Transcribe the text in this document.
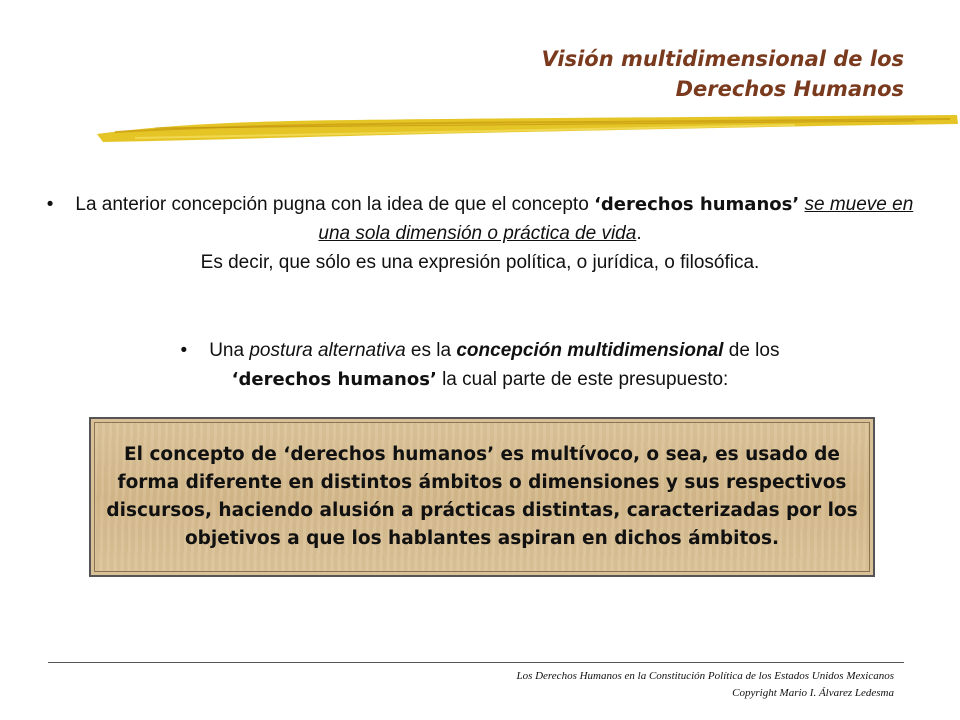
Visión multidimensional de los
Derechos Humanos
• La anterior concepción pugna con la idea de que el concepto ‘derechos humanos’ se mueve en una sola dimensión o práctica de vida.
Es decir, que sólo es una expresión política, o jurídica, o filosófica.
• Una postura alternativa es la concepción multidimensional de los
‘derechos humanos’ la cual parte de este presupuesto:
El concepto de ‘derechos humanos’ es multívoco, o sea, es usado de forma diferente en distintos ámbitos o dimensiones y sus respectivos discursos, haciendo alusión a prácticas distintas, caracterizadas por los objetivos a que los hablantes aspiran en dichos ámbitos.
Los Derechos Humanos en la Constitución Política de los Estados Unidos Mexicanos
Copyright Mario I. Álvarez Ledesma
